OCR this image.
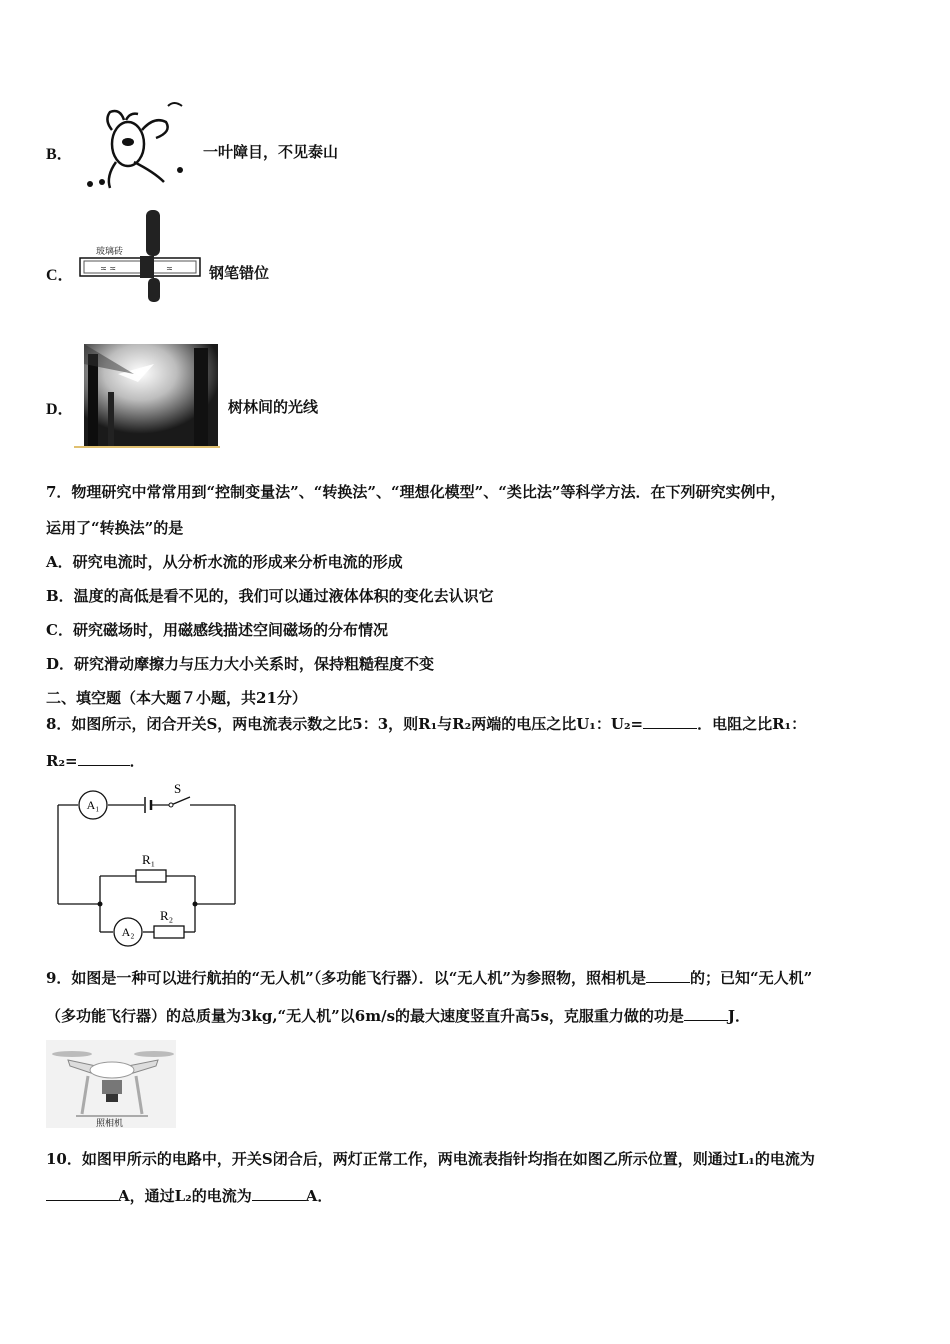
B．	一叶障目，不见泰山
C．
玻璃砖
≍ ≍	≍ 钢笔错位
D．	树林间的光线
7．物理研究中常常用到“控制变量法”、“转换法”、“理想化模型”、“类比法”等科学方法．在下列研究实例中，
运用了“转换法”的是
A．研究电流时，从分析水流的形成来分析电流的形成
B．温度的高低是看不见的，我们可以通过液体体积的变化去认识它
C．研究磁场时，用磁感线描述空间磁场的分布情况
D．研究滑动摩擦力与压力大小关系时，保持粗糙程度不变
二、填空题（本大题７小题，共21分）
8．如图所示，闭合开关S，两电流表示数之比5：3，则R₁与R₂两端的电压之比U₁：U₂=	．电阻之比R₁：
R₂=	．
A₁
A₂
S
R₁
R₂
9．如图是一种可以进行航拍的“无人机”（多功能飞行器）．以“无人机”为参照物，照相机是	的；已知“无人机”
（多功能飞行器）的总质量为3kg,“无人机”以6m/s的最大速度竖直升高5s，克服重力做的功是	J．
照相机
10．如图甲所示的电路中，开关S闭合后，两灯正常工作，两电流表指针均指在如图乙所示位置，则通过L₁的电流为
A，通过L₂的电流为	A．
